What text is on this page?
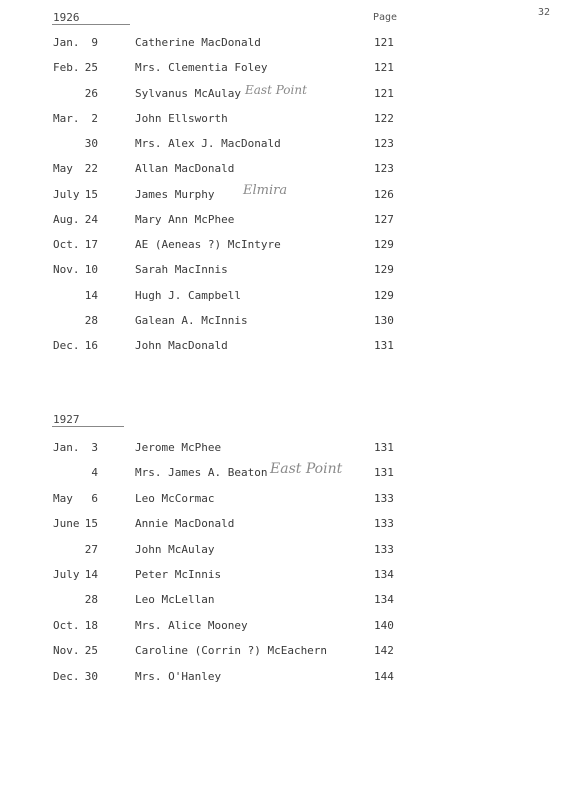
32
Page
1926
1927
East Point
Elmira
East Point
Jan.	9	Catherine MacDonald	121
Feb. 25	Mrs. Clementia Foley	121
26	Sylvanus McAulay	121
Mar.	2	John Ellsworth	122
30	Mrs. Alex J. MacDonald	123
May	22	Allan MacDonald	123
July 15	James Murphy	126
Aug. 24	Mary Ann McPhee	127
Oct. 17	AE (Aeneas ?) McIntyre	129
Nov. 10	Sarah MacInnis	129
14	Hugh J. Campbell	129
28	Galean A. McInnis	130
Dec. 16	John MacDonald	131
Jan.	3	Jerome McPhee	131
4	Mrs. James A. Beaton	131
May	6	Leo McCormac	133
June 15	Annie MacDonald	133
27	John McAulay	133
July 14	Peter McInnis	134
28	Leo McLellan	134
Oct. 18	Mrs. Alice Mooney	140
Nov. 25	Caroline (Corrin ?) McEachern	142
Dec. 30	Mrs. O'Hanley	144
